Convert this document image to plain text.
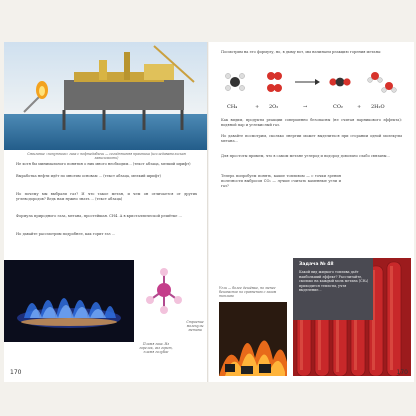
Сжигание «попутного» газа с нефтедобычи — сегодняшняя практика (исследовательская зависимость)

Не хотя бы минимального понятия о них много необходим... (текст абзаца, мелкий шрифт)

Выработка нефти идёт по многим основам ... (текст абзаца, мелкий шрифт)

Но почему мы выбрали газ? И что такое метан, и чем он отличается от других углеводородов? Ведь нам нужно знать ... (текст абзаца)

Формула природного газа, метана, простейшая. СН4. А в кристаллической решётке ...

Но давайте рассмотрим подробнее, как горит газ ...

Строение молекулы метана
Пламя газа. Из горелок, газ горит, пламя голубое
170

Посмотрим на его формулу, но, в дыму вот, мы начинаем реакцию горения метана:

CH₄	+ 2O₂	→	CO₂	+ 2H₂O

Как видим, продукты реакции совершенно безопасны (не считая парникового эффекта): водяной пар и углекислый газ.

Но давайте посмотрим, сколько энергии может выделиться при сгорании одной молекулы метана...

Для простоты примем, что в самом метане углерод и водород довольно слабо связаны...

Теперь попробуем понять, какие топливом — с точки зрения полезности выбросов CO₂ — лучше считать каменные угли и газ?

Угли — более дешёвые, но менее безопасное по сравнению с газом топливо
Задача № 48
Какой вид жидкого топлива даёт наибольший эффект? Рассчитайте, сколько на каждый моль метана (CH₄) приходится теплоты, учтя выделение...
170
